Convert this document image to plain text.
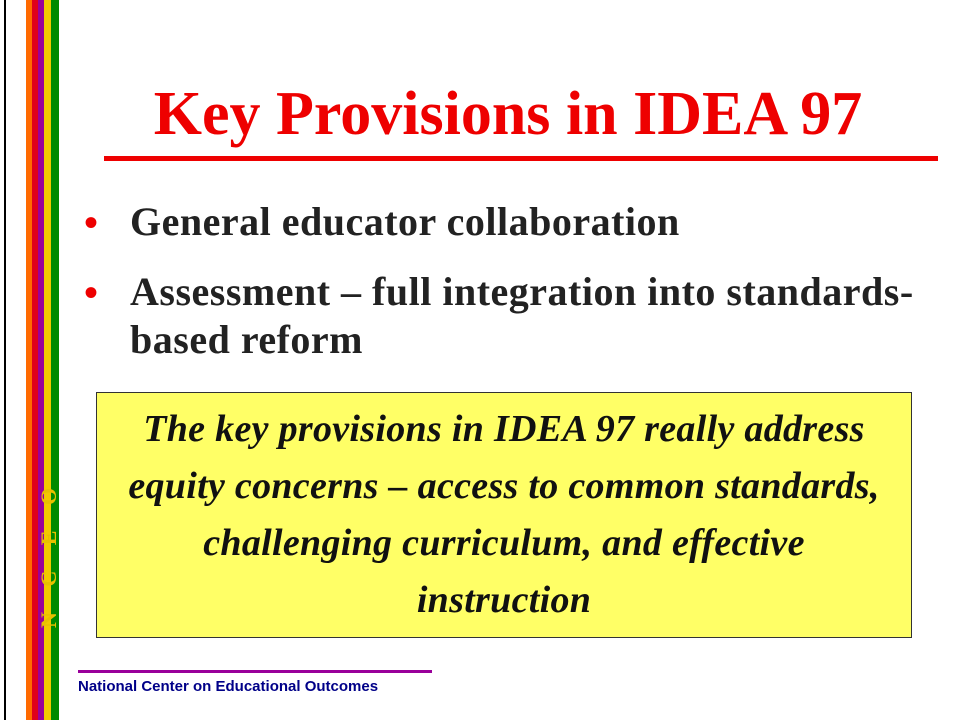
N C E O
Key Provisions in IDEA 97
• General educator collaboration
• Assessment – full integration into standards-based reform

The key provisions in IDEA 97 really address equity concerns – access to common standards, challenging curriculum, and effective instruction

National Center on Educational Outcomes
